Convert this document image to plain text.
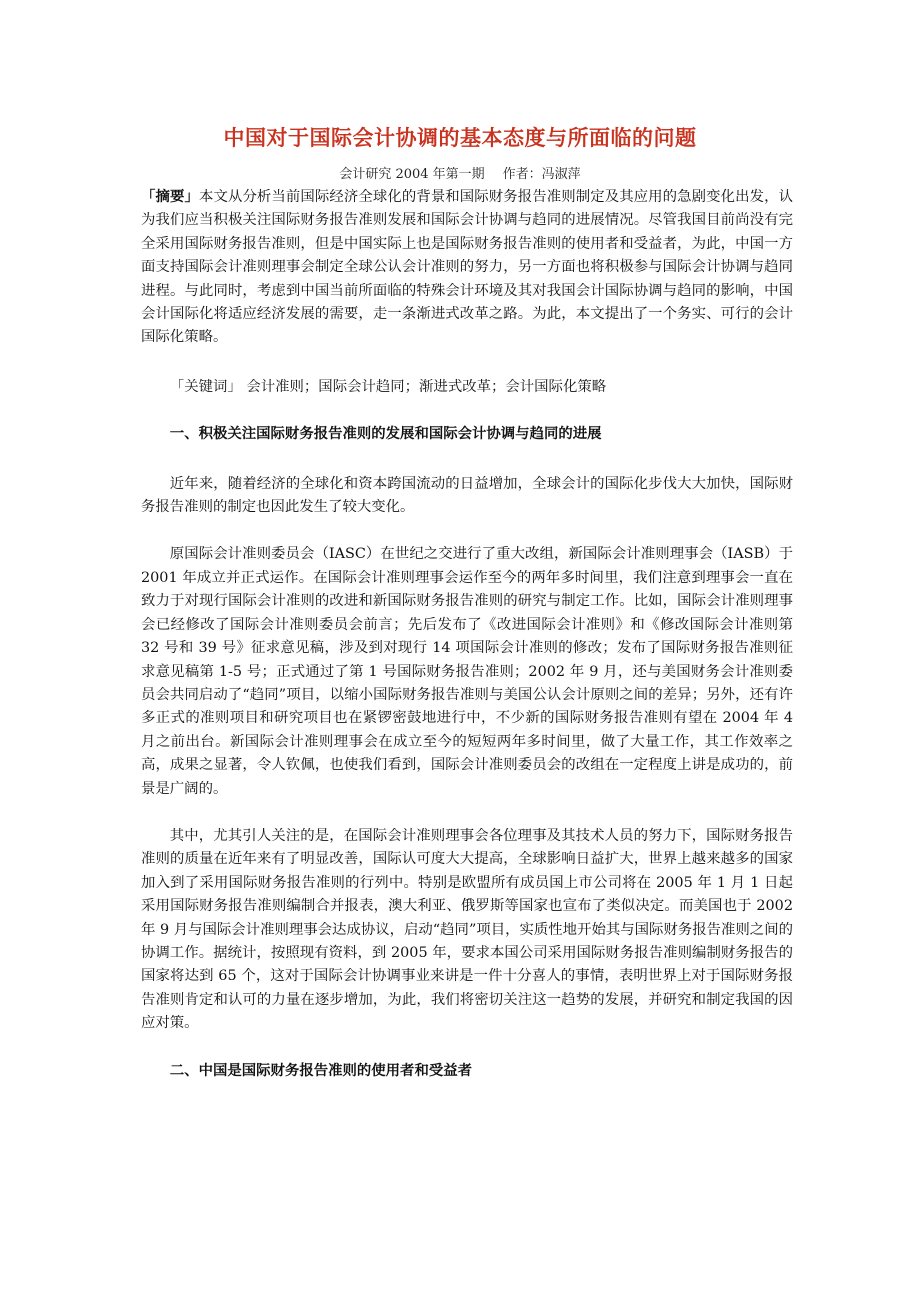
中国对于国际会计协调的基本态度与所面临的问题
会计研究 2004 年第一期 作者：冯淑萍

「摘要」本文从分析当前国际经济全球化的背景和国际财务报告准则制定及其应用的急剧变化出发，认为我们应当积极关注国际财务报告准则发展和国际会计协调与趋同的进展情况。尽管我国目前尚没有完全采用国际财务报告准则，但是中国实际上也是国际财务报告准则的使用者和受益者，为此，中国一方面支持国际会计准则理事会制定全球公认会计准则的努力，另一方面也将积极参与国际会计协调与趋同进程。与此同时，考虑到中国当前所面临的特殊会计环境及其对我国会计国际协调与趋同的影响，中国会计国际化将适应经济发展的需要，走一条渐进式改革之路。为此，本文提出了一个务实、可行的会计国际化策略。

「关键词」 会计准则；国际会计趋同；渐进式改革；会计国际化策略

一、积极关注国际财务报告准则的发展和国际会计协调与趋同的进展

近年来，随着经济的全球化和资本跨国流动的日益增加，全球会计的国际化步伐大大加快，国际财务报告准则的制定也因此发生了较大变化。

原国际会计准则委员会（IASC）在世纪之交进行了重大改组，新国际会计准则理事会（IASB）于 2001 年成立并正式运作。在国际会计准则理事会运作至今的两年多时间里，我们注意到理事会一直在致力于对现行国际会计准则的改进和新国际财务报告准则的研究与制定工作。比如，国际会计准则理事会已经修改了国际会计准则委员会前言；先后发布了《改进国际会计准则》和《修改国际会计准则第 32 号和 39 号》征求意见稿，涉及到对现行 14 项国际会计准则的修改；发布了国际财务报告准则征求意见稿第 1-5 号；正式通过了第 1 号国际财务报告准则；2002 年 9 月，还与美国财务会计准则委员会共同启动了“趋同”项目，以缩小国际财务报告准则与美国公认会计原则之间的差异；另外，还有许多正式的准则项目和研究项目也在紧锣密鼓地进行中，不少新的国际财务报告准则有望在 2004 年 4 月之前出台。新国际会计准则理事会在成立至今的短短两年多时间里，做了大量工作，其工作效率之高，成果之显著，令人钦佩，也使我们看到，国际会计准则委员会的改组在一定程度上讲是成功的，前景是广阔的。

其中，尤其引人关注的是，在国际会计准则理事会各位理事及其技术人员的努力下，国际财务报告准则的质量在近年来有了明显改善，国际认可度大大提高，全球影响日益扩大，世界上越来越多的国家加入到了采用国际财务报告准则的行列中。特别是欧盟所有成员国上市公司将在 2005 年 1 月 1 日起采用国际财务报告准则编制合并报表，澳大利亚、俄罗斯等国家也宣布了类似决定。而美国也于 2002 年 9 月与国际会计准则理事会达成协议，启动“趋同”项目，实质性地开始其与国际财务报告准则之间的协调工作。据统计，按照现有资料，到 2005 年，要求本国公司采用国际财务报告准则编制财务报告的国家将达到 65 个，这对于国际会计协调事业来讲是一件十分喜人的事情，表明世界上对于国际财务报告准则肯定和认可的力量在逐步增加，为此，我们将密切关注这一趋势的发展，并研究和制定我国的因应对策。

二、中国是国际财务报告准则的使用者和受益者
